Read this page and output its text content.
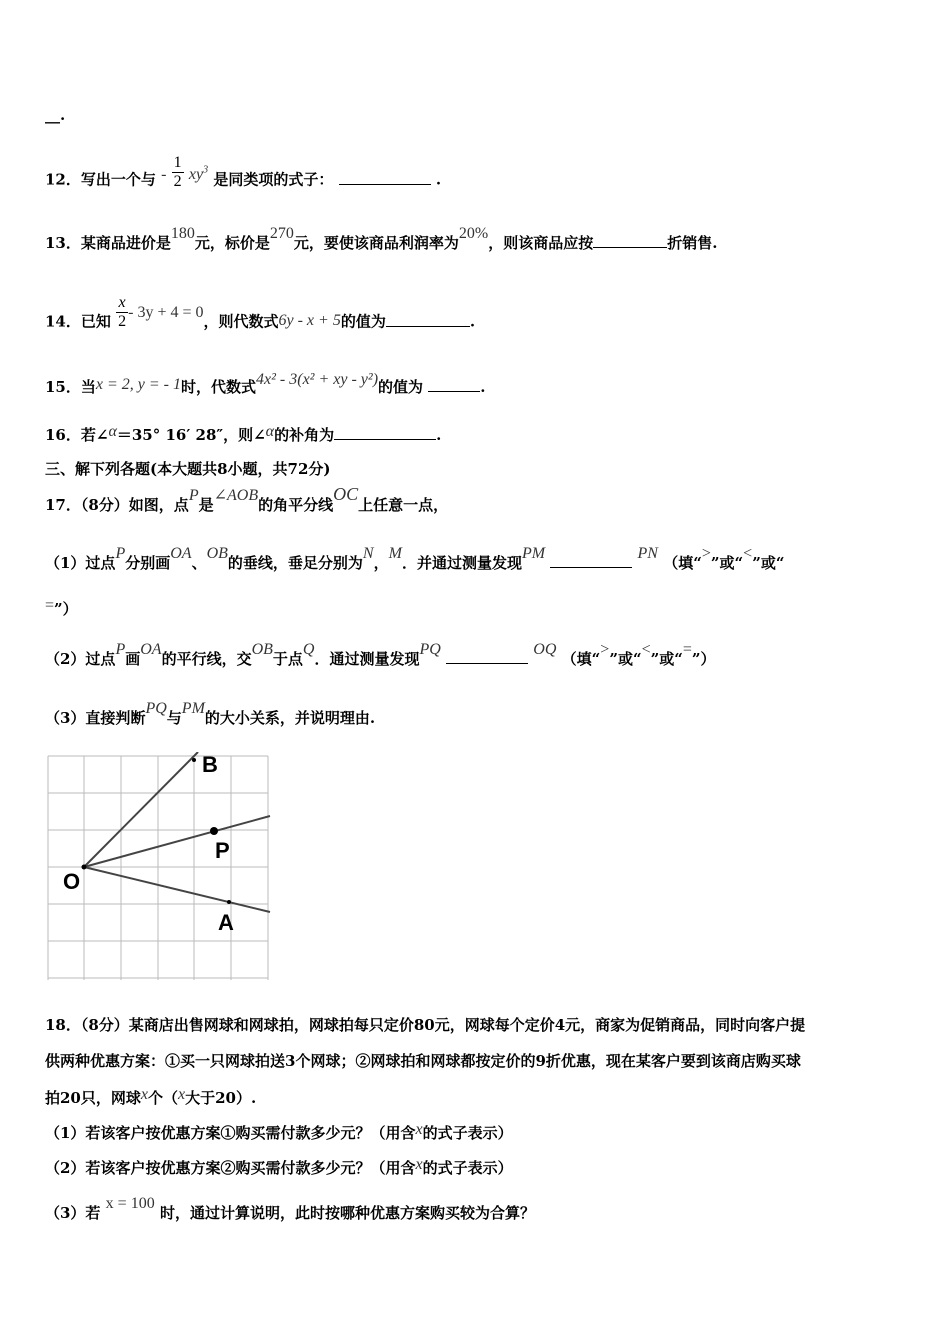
__.
12．写出一个与 - $\frac{1}{2} xy^3$ 是同类项的式子：	.
13．某商品进价是180元，标价是270元，要使该商品利润率为20%，则该商品应按	折销售.
14．已知 $\frac{x}{2} - 3y + 4 = 0$，则代数式6y - x + 5的值为	.
15．当x = 2, y = - 1时，代数式4x² - 3(x² + xy - y²)的值为	.
16．若∠α＝35° 16′ 28″，则∠α的补角为	.
三、解下列各题(本大题共8小题，共72分)
17．（8分）如图，点P是∠AOB的角平分线OC上任意一点，
（1）过点P分别画OA、OB的垂线，垂足分别为N，M．并通过测量发现PM	PN （填“>”或“<”或“
=”）
（2）过点P画OA的平行线，交OB于点Q．通过测量发现PQ	OQ （填“>”或“<”或“=”）
（3）直接判断PQ与PM的大小关系，并说明理由.
B
P
O
A
18．（8分）某商店出售网球和网球拍，网球拍每只定价80元，网球每个定价4元，商家为促销商品，同时向客户提
供两种优惠方案：①买一只网球拍送3个网球；②网球拍和网球都按定价的9折优惠，现在某客户要到该商店购买球
拍20只，网球x个（x大于20）.
（1）若该客户按优惠方案①购买需付款多少元？（用含x的式子表示）
（2）若该客户按优惠方案②购买需付款多少元？（用含x的式子表示）
（3）若 x = 100 时，通过计算说明，此时按哪种优惠方案购买较为合算？
